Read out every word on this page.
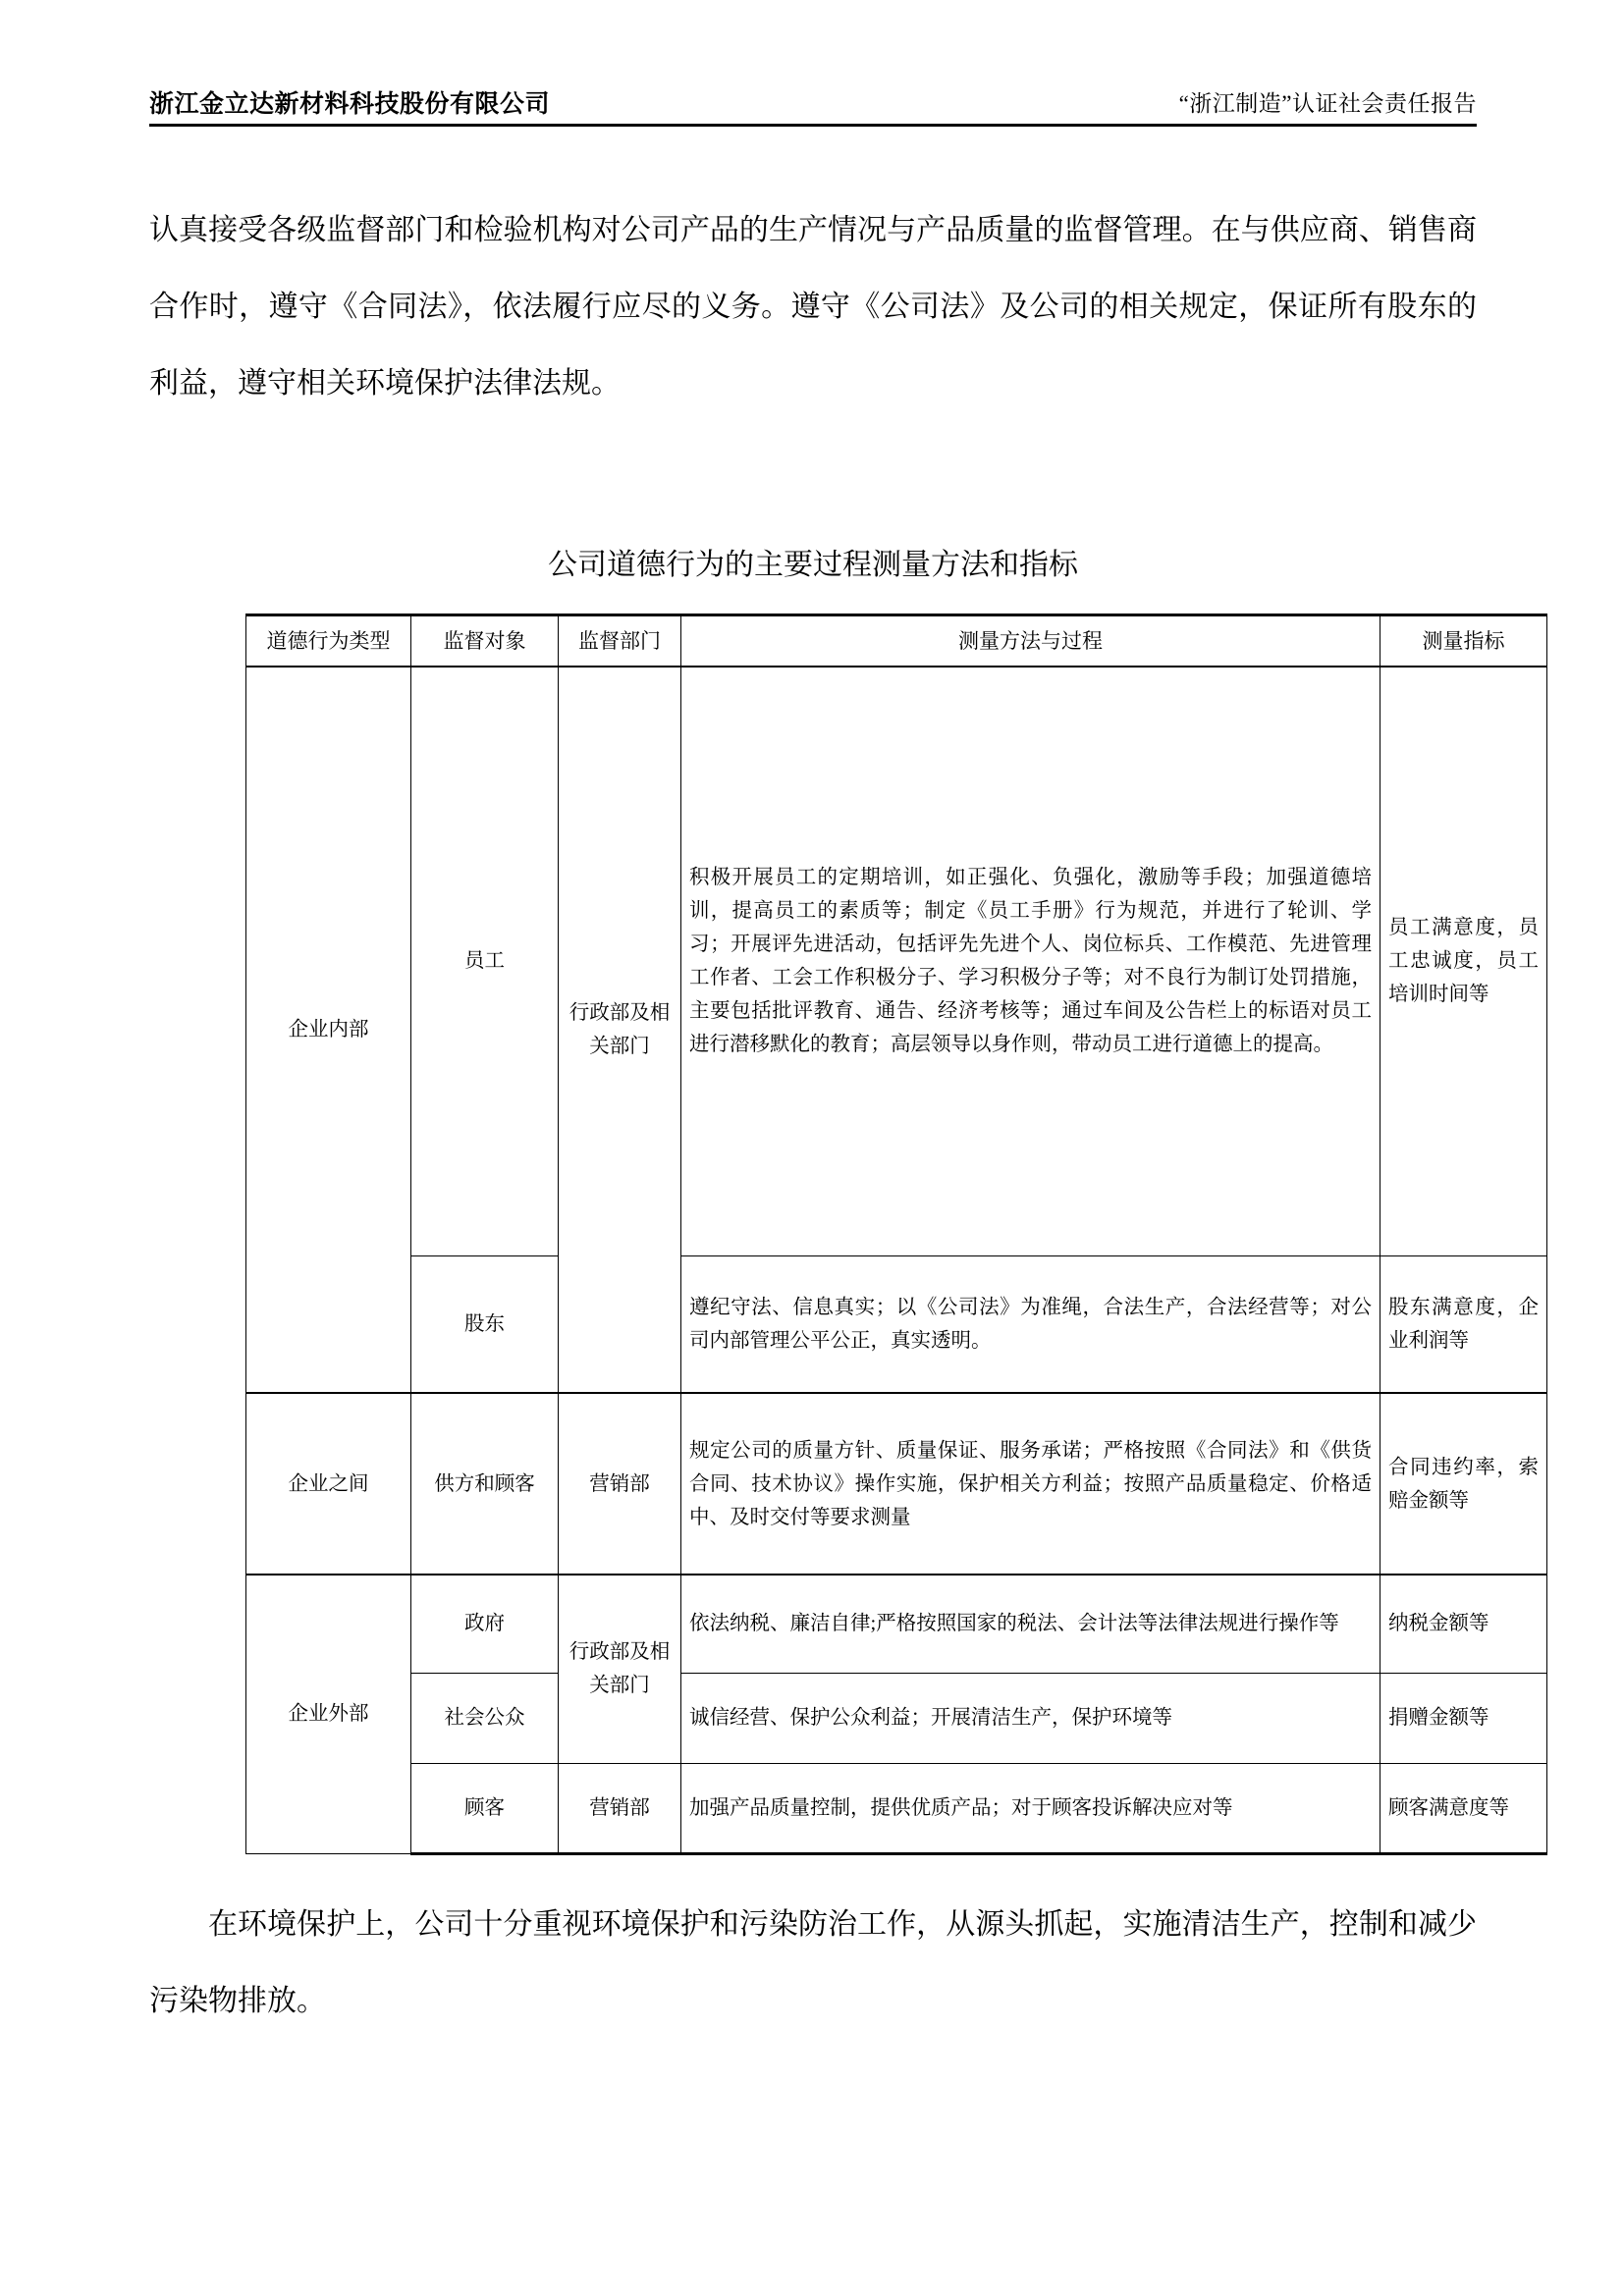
浙江金立达新材料科技股份有限公司	“浙江制造”认证社会责任报告
认真接受各级监督部门和检验机构对公司产品的生产情况与产品质量的监督管理。在与供应商、销售商合作时，遵守《合同法》，依法履行应尽的义务。遵守《公司法》及公司的相关规定，保证所有股东的利益，遵守相关环境保护法律法规。
公司道德行为的主要过程测量方法和指标
道德行为类型	监督对象	监督部门	测量方法与过程	测量指标
企业内部	员工	行政部及相关部门	积极开展员工的定期培训，如正强化、负强化，激励等手段；加强道德培训，提高员工的素质等；制定《员工手册》行为规范，并进行了轮训、学习；开展评先进活动，包括评先先进个人、岗位标兵、工作模范、先进管理工作者、工会工作积极分子、学习积极分子等；对不良行为制订处罚措施，主要包括批评教育、通告、经济考核等；通过车间及公告栏上的标语对员工进行潜移默化的教育；高层领导以身作则，带动员工进行道德上的提高。	员工满意度，员工忠诚度，员工培训时间等

	股东		遵纪守法、信息真实；以《公司法》为准绳，合法生产，合法经营等；对公司内部管理公平公正，真实透明。	股东满意度，企业利润等

企业之间	供方和顾客	营销部	规定公司的质量方针、质量保证、服务承诺；严格按照《合同法》和《供货合同、技术协议》操作实施，保护相关方利益；按照产品质量稳定、价格适中、及时交付等要求测量	合同违约率，索赔金额等

企业外部	政府	行政部及相关部门	依法纳税、廉洁自律;严格按照国家的税法、会计法等法律法规进行操作等	纳税金额等

	社会公众		诚信经营、保护公众利益；开展清洁生产，保护环境等	捐赠金额等

	顾客	营销部	加强产品质量控制，提供优质产品；对于顾客投诉解决应对等	顾客满意度等
在环境保护上，公司十分重视环境保护和污染防治工作，从源头抓起，实施清洁生产，控制和减少污染物排放。
